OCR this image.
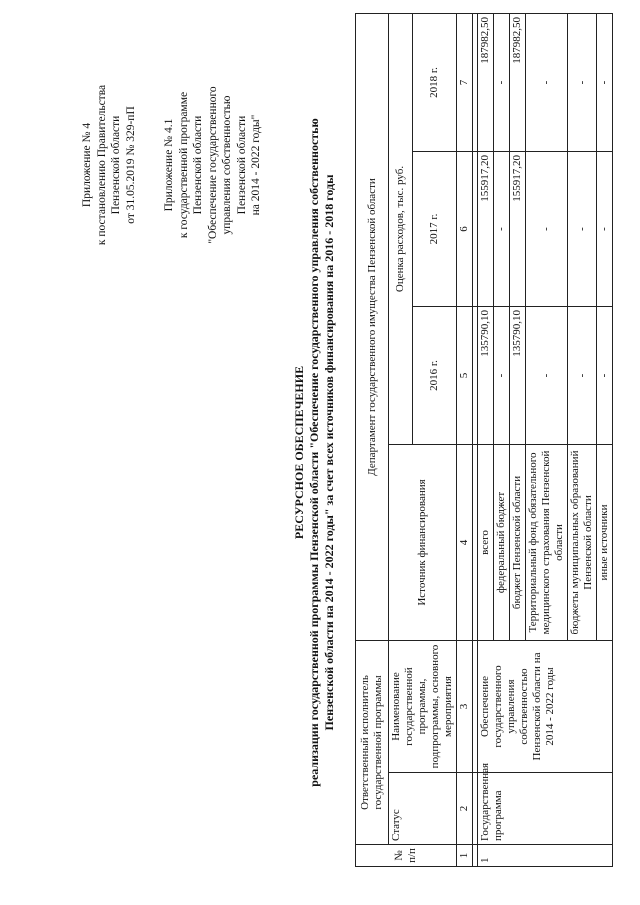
Приложение № 4 к постановлению Правительства Пензенской области от 31.05.2019 № 329-пП Приложение № 4.1 к государственной программе Пензенской области "Обеспечение государственного управления собственностью Пензенской области на 2014 - 2022 годы"
РЕСУРСНОЕ ОБЕСПЕЧЕНИЕ реализации государственной программы Пензенской области "Обеспечение государственного управления собственностью Пензенской области на 2014 - 2022 годы" за счет всех источников финансирования на 2016 - 2018 годы
№ п/п	Ответственный исполнитель государственной программы		Департамент государственного имущества Пензенской области			
	Статус	Наименование государственной программы, подпрограммы, основного мероприятия	Источник финансирования	Оценка расходов, тыс. руб.		
				2016 г.	2017 г.	2018 г.
1	2	3	4	5	6	7

1	Государственная программа	Обеспечение государственного управления собственностью Пензенской области на 2014 - 2022 годы	всего	135790,10	155917,20	187982,50
			федеральный бюджет	-	-	-
			бюджет Пензенской области	135790,10	155917,20	187982,50
			Территориальный фонд обязательного медицинского страхования Пензенской области	-	-	-
			бюджеты муниципальных образований Пензенской области	-	-	-
			иные источники	-	-	-
